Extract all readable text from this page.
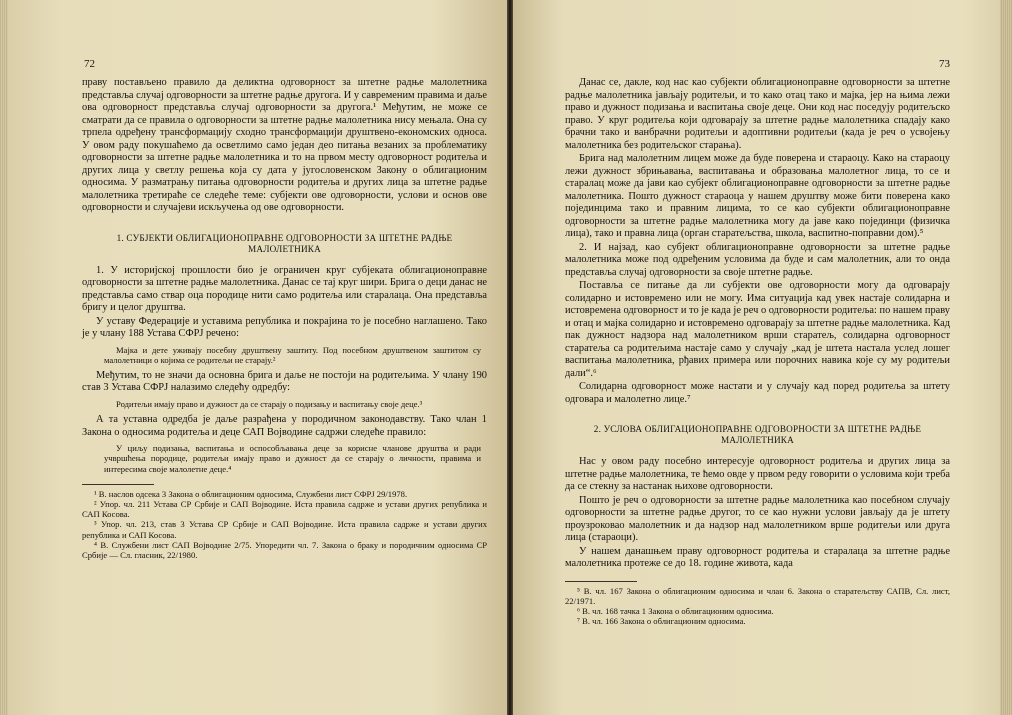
72

праву постављено правило да деликтна одговорност за штетне радње малолетника представља случај одговорности за штетне радње другога. И у савременим правима и даље ова одговорност представља случај одговорности за другога.¹ Међутим, не може се сматрати да се правила о одговорности за штетне радње малолетника нису мењала. Она су трпела одређену трансформацију сходно трансформацији друштвено-економских односа. У овом раду покушаћемо да осветлимо само један део питања везаних за проблематику одговорности за штетне радње малолетника и то на првом месту одговорност родитеља и других лица у светлу решења која су дата у југословенском Закону о облигационим односима. У разматрању питања одговорности родитеља и других лица за штетне радње малолетника третираће се следеће теме: субјекти ове одговорности, услови и основ ове одговорности и случајеви искључења од ове одговорности.

1. СУБЈЕКТИ ОБЛИГАЦИОНОПРАВНЕ ОДГОВОРНОСТИ ЗА ШТЕТНЕ РАДЊЕ МАЛОЛЕТНИКА

1. У историјској прошлости био је ограничен круг субјеката облигационоправне одговорности за штетне радње малолетника. Данас се тај круг шири. Брига о деци данас не представља само ствар оца породице нити само родитеља или старалаца. Она представља бригу и целог друштва.

У уставу Федерације и уставима република и покрајина то је посебно наглашено. Тако је у члану 188 Устава СФРЈ речено:

Мајка и дете уживају посебну друштвену заштиту. Под посебном друштвеном заштитом су малолетници о којима се родитељи не старају.²

Међутим, то не значи да основна брига и даље не постоји на родитељима. У члану 190 став 3 Устава СФРЈ налазимо следећу одредбу:

Родитељи имају право и дужност да се старају о подизању и васпитању своје деце.³

А та уставна одредба је даље разрађена у породичном законодавству. Тако члан 1 Закона о односима родитеља и деце САП Војводине садржи следеће правило:

У циљу подизања, васпитања и оспособљавања деце за корисне чланове друштва и ради учвршћења породице, родитељи имају право и дужност да се старају о личности, правима и интересима своје малолетне деце.⁴

¹ В. наслов одсека 3 Закона о облигационим односима, Службени лист СФРЈ 29/1978.

² Упор. чл. 211 Устава СР Србије и САП Војводине. Иста правила садрже и устави других република и САП Косова.

³ Упор. чл. 213, став 3 Устава СР Србије и САП Војводине. Иста правила садрже и устави других република и САП Косова.

⁴ В. Службени лист САП Војводине 2/75. Упоредити чл. 7. Закона о браку и породичним односима СР Србије — Сл. гласник, 22/1980.

73

Данас се, дакле, код нас као субјекти облигационоправне одговорности за штетне радње малолетника јављају родитељи, и то како отац тако и мајка, јер на њима лежи право и дужност подизања и васпитања своје деце. Они код нас поседују родитељско право. У круг родитеља који одговарају за штетне радње малолетника спадају како брачни тако и ванбрачни родитељи и адоптивни родитељи (када је реч о усвојењу малолетника без родитељског старања).

Брига над малолетним лицем може да буде поверена и стараоцу. Како на стараоцу лежи дужност збрињавања, васпитавања и образовања малолетног лица, то се и старалац може да јави као субјект облигационоправне одговорности за штетне радње малолетника. Пошто дужност стараоца у нашем друштву може бити поверена како појединцима тако и правним лицима, то се као субјекти облигационоправне одговорности за штетне радње малолетника могу да јаве како појединци (физичка лица), тако и правна лица (орган старатељства, школа, васпитно-поправни дом).⁵

2. И најзад, као субјект облигационоправне одговорности за штетне радње малолетника може под одређеним условима да буде и сам малолетник, али то онда представља случај одговорности за своје штетне радње.

Поставља се питање да ли субјекти ове одговорности могу да одговарају солидарно и истовремено или не могу. Има ситуација кад увек настаје солидарна и истовремена одговорност и то је када је реч о одговорности родитеља: по нашем праву и отац и мајка солидарно и истовремено одговарају за штетне радње малолетника. Кад пак дужност надзора над малолетником врши старатељ, солидарна одговорност старатеља са родитељима настаје само у случају „кад је штета настала услед лошег васпитања малолетника, рђавих примера или порочних навика које су му родитељи дали“.⁶

Солидарна одговорност може настати и у случају кад поред родитеља за штету одговара и малолетно лице.⁷

2. УСЛОВА ОБЛИГАЦИОНОПРАВНЕ ОДГОВОРНОСТИ ЗА ШТЕТНЕ РАДЊЕ МАЛОЛЕТНИКА

Нас у овом раду посебно интересује одговорност родитеља и других лица за штетне радње малолетника, те ћемо овде у првом реду говорити о условима који треба да се стекну за настанак њихове одговорности.

Пошто је реч о одговорности за штетне радње малолетника као посебном случају одговорности за штетне радње другог, то се као нужни услови јављају да је штету проузроковао малолетник и да надзор над малолетником врше родитељи или друга лица (стараоци).

У нашем данашњем праву одговорност родитеља и старалаца за штетне радње малолетника протеже се до 18. године живота, када

⁵ В. чл. 167 Закона о облигационим односима и члан 6. Закона о старатељству САПВ, Сл. лист, 22/1971.

⁶ В. чл. 168 тачка 1 Закона о облигационим односима.

⁷ В. чл. 166 Закона о облигационим односима.
